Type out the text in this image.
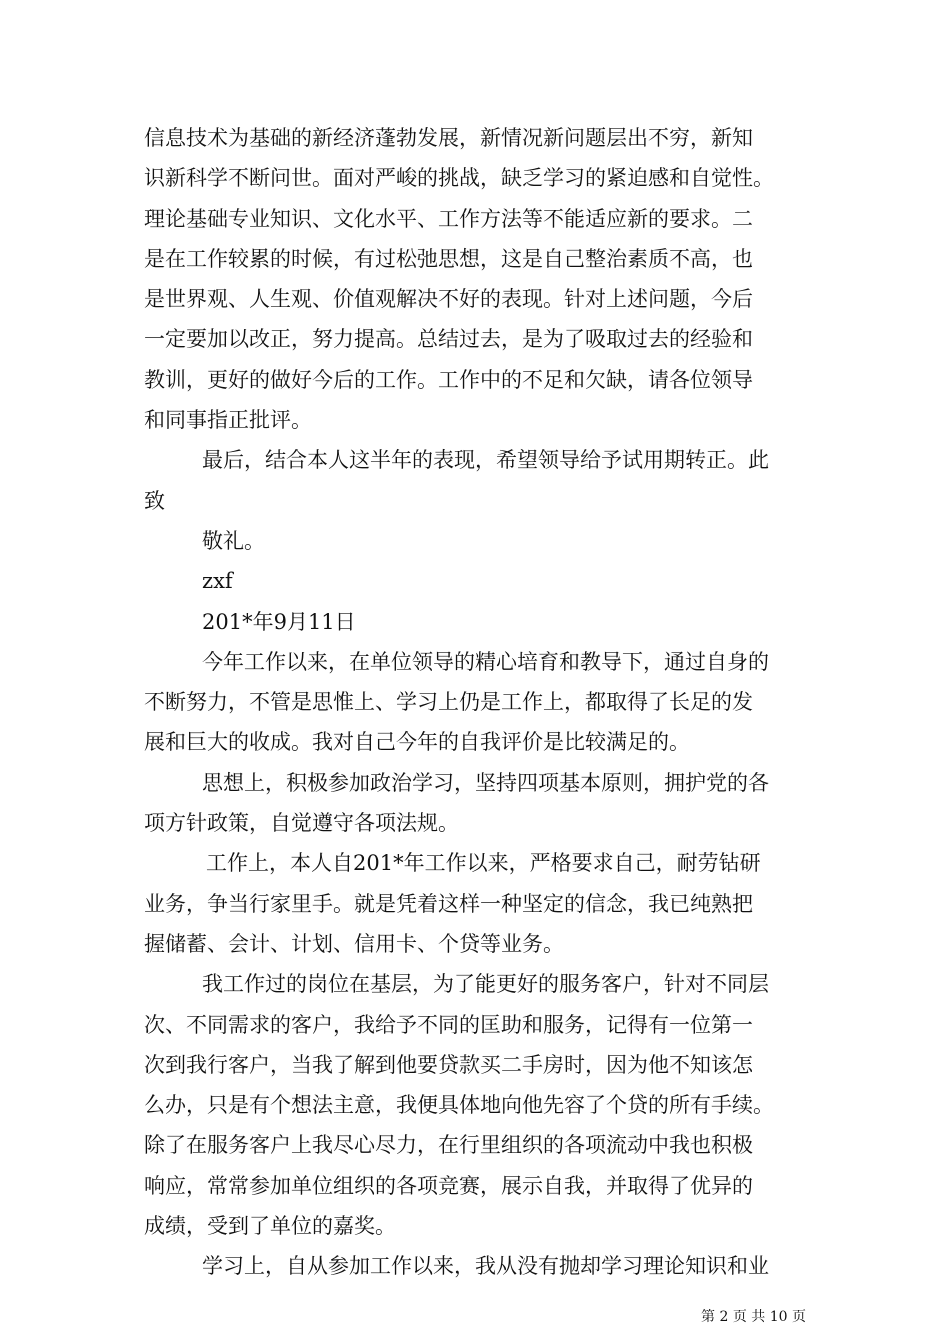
信息技术为基础的新经济蓬勃发展，新情况新问题层出不穷，新知
识新科学不断问世。面对严峻的挑战，缺乏学习的紧迫感和自觉性。
理论基础专业知识、文化水平、工作方法等不能适应新的要求。二
是在工作较累的时候，有过松弛思想，这是自己整治素质不高，也
是世界观、人生观、价值观解决不好的表现。针对上述问题，今后
一定要加以改正，努力提高。总结过去，是为了吸取过去的经验和
教训，更好的做好今后的工作。工作中的不足和欠缺，请各位领导
和同事指正批评。
最后，结合本人这半年的表现，希望领导给予试用期转正。此
致
敬礼。
zxf
201*年9月11日
今年工作以来，在单位领导的精心培育和教导下，通过自身的
不断努力，不管是思惟上、学习上仍是工作上，都取得了长足的发
展和巨大的收成。我对自己今年的自我评价是比较满足的。
思想上，积极参加政治学习，坚持四项基本原则，拥护党的各
项方针政策，自觉遵守各项法规。
工作上，本人自201*年工作以来，严格要求自己，耐劳钻研
业务，争当行家里手。就是凭着这样一种坚定的信念，我已纯熟把
握储蓄、会计、计划、信用卡、个贷等业务。
我工作过的岗位在基层，为了能更好的服务客户，针对不同层
次、不同需求的客户，我给予不同的匡助和服务，记得有一位第一
次到我行客户，当我了解到他要贷款买二手房时，因为他不知该怎
么办，只是有个想法主意，我便具体地向他先容了个贷的所有手续。
除了在服务客户上我尽心尽力，在行里组织的各项流动中我也积极
响应，常常参加单位组织的各项竞赛，展示自我，并取得了优异的
成绩，受到了单位的嘉奖。
学习上，自从参加工作以来，我从没有抛却学习理论知识和业
第 2 页 共 10 页
